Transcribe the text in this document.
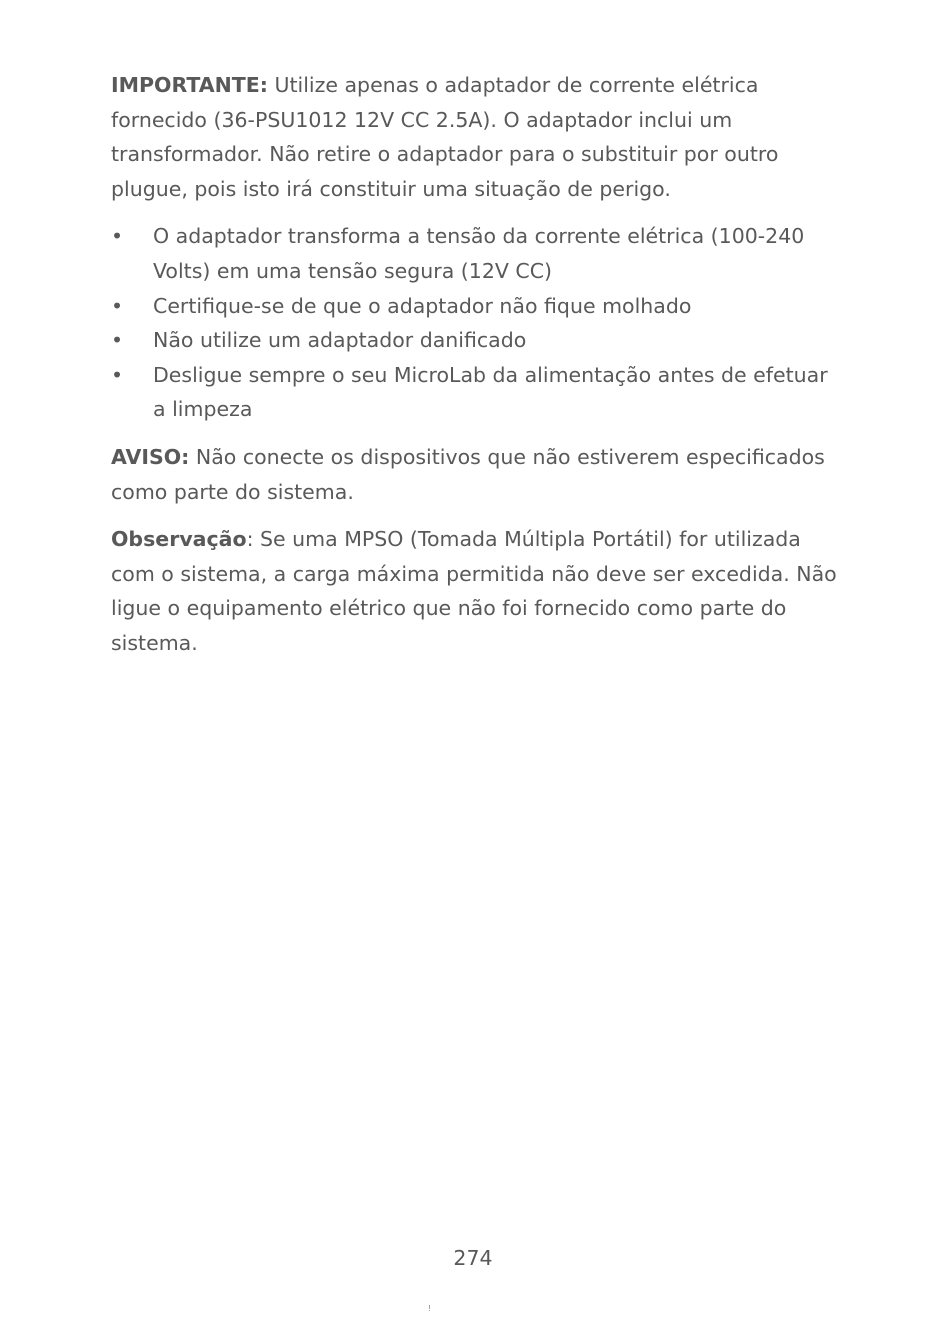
IMPORTANTE: Utilize apenas o adaptador de corrente elétrica fornecido (36-PSU1012 12V CC 2.5A). O adaptador inclui um transformador. Não retire o adaptador para o substituir por outro plugue, pois isto irá constituir uma situação de perigo.

• O adaptador transforma a tensão da corrente elétrica (100-240 Volts) em uma tensão segura (12V CC)
• Certifique-se de que o adaptador não fique molhado
• Não utilize um adaptador danificado
• Desligue sempre o seu MicroLab da alimentação antes de efetuar a limpeza

AVISO: Não conecte os dispositivos que não estiverem especificados como parte do sistema.

Observação: Se uma MPSO (Tomada Múltipla Portátil) for utilizada com o sistema, a carga máxima permitida não deve ser excedida. Não ligue o equipamento elétrico que não foi fornecido como parte do sistema.

274
!
